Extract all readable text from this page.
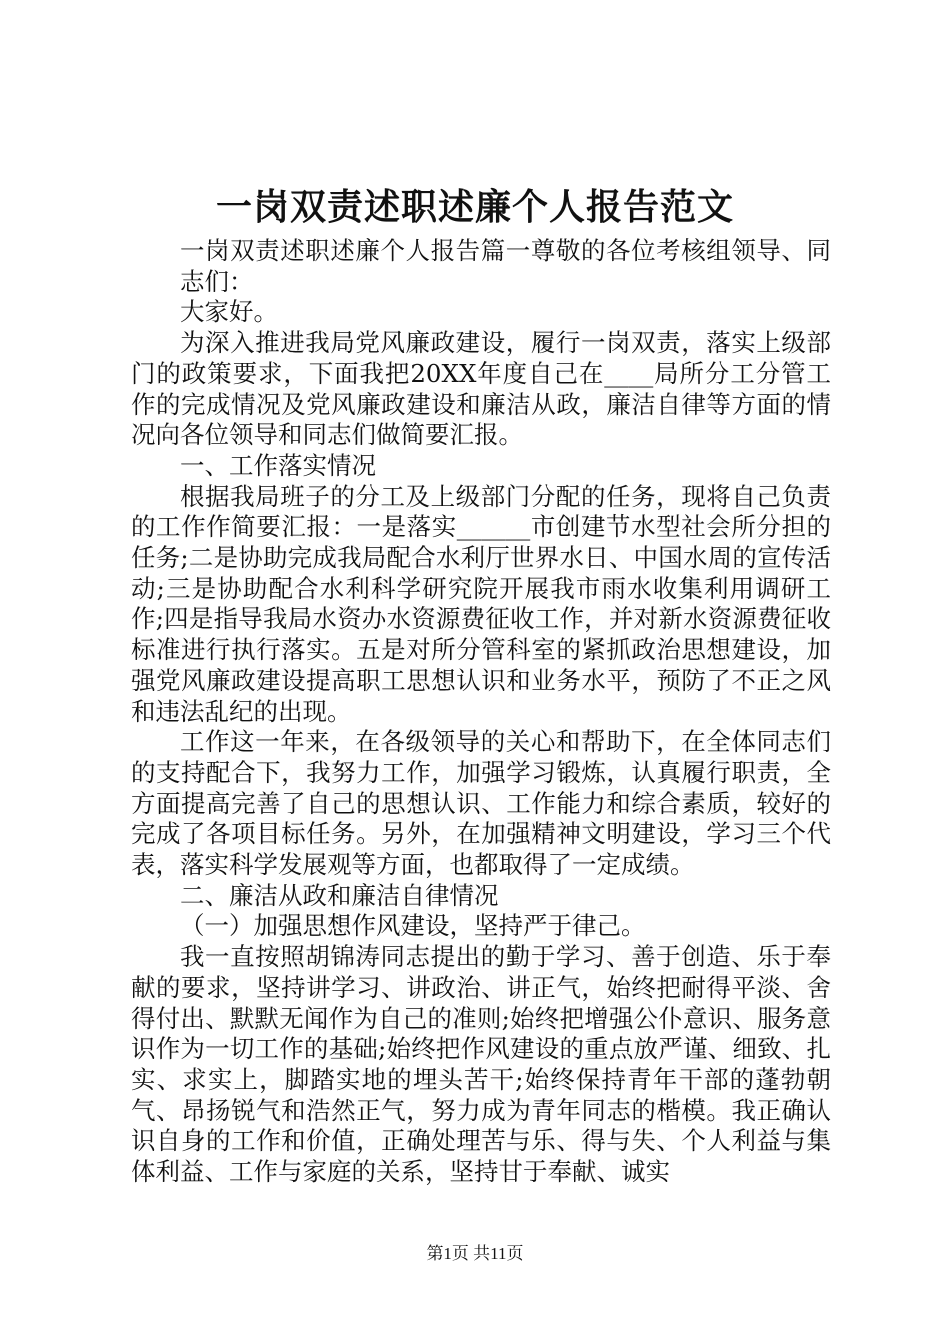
一岗双责述职述廉个人报告范文

一岗双责述职述廉个人报告篇一尊敬的各位考核组领导、同志们：

大家好。

为深入推进我局党风廉政建设，履行一岗双责，落实上级部门的政策要求，下面我把20XX年度自己在____局所分工分管工作的完成情况及党风廉政建设和廉洁从政，廉洁自律等方面的情况向各位领导和同志们做简要汇报。

一、工作落实情况

根据我局班子的分工及上级部门分配的任务，现将自己负责的工作作简要汇报：一是落实______市创建节水型社会所分担的任务;二是协助完成我局配合水利厅世界水日、中国水周的宣传活动;三是协助配合水利科学研究院开展我市雨水收集利用调研工作;四是指导我局水资办水资源费征收工作，并对新水资源费征收标准进行执行落实。五是对所分管科室的紧抓政治思想建设，加强党风廉政建设提高职工思想认识和业务水平，预防了不正之风和违法乱纪的出现。

工作这一年来，在各级领导的关心和帮助下，在全体同志们的支持配合下，我努力工作，加强学习锻炼，认真履行职责，全方面提高完善了自己的思想认识、工作能力和综合素质，较好的完成了各项目标任务。另外，在加强精神文明建设，学习三个代表，落实科学发展观等方面，也都取得了一定成绩。

二、廉洁从政和廉洁自律情况

（一）加强思想作风建设，坚持严于律己。

我一直按照胡锦涛同志提出的勤于学习、善于创造、乐于奉献的要求，坚持讲学习、讲政治、讲正气，始终把耐得平淡、舍得付出、默默无闻作为自己的准则;始终把增强公仆意识、服务意识作为一切工作的基础;始终把作风建设的重点放严谨、细致、扎实、求实上，脚踏实地的埋头苦干;始终保持青年干部的蓬勃朝气、昂扬锐气和浩然正气，努力成为青年同志的楷模。我正确认识自身的工作和价值，正确处理苦与乐、得与失、个人利益与集体利益、工作与家庭的关系，坚持甘于奉献、诚实

第1页 共11页
